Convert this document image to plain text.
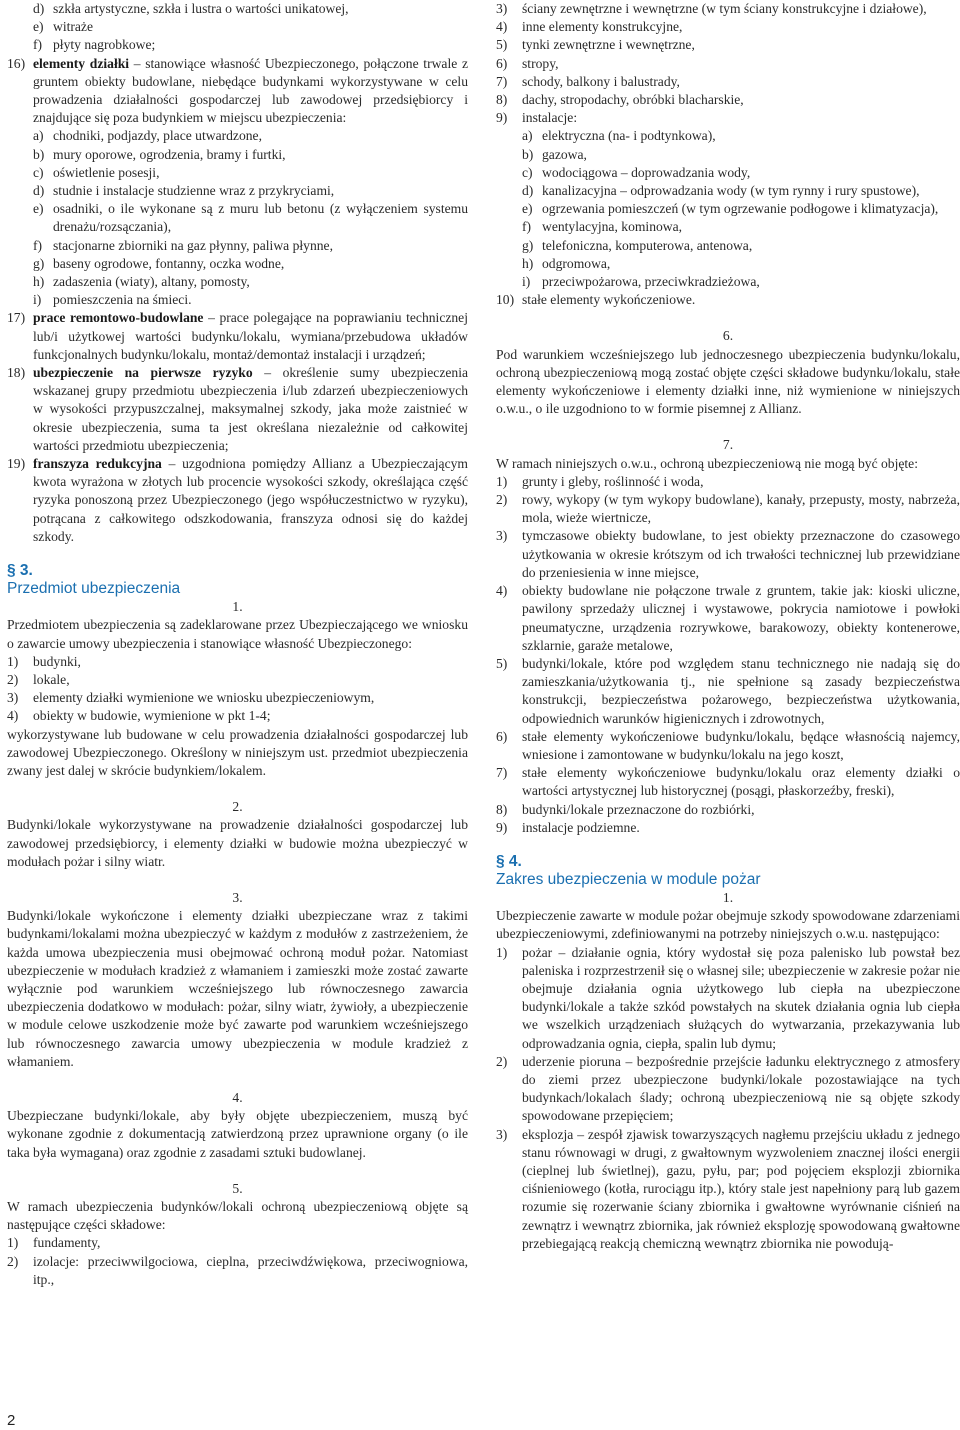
d) szkła artystyczne, szkła i lustra o wartości unikatowej,
e) witraże
f) płyty nagrobkowe;
16) elementy działki – stanowiące własność Ubezpieczonego, połączone trwale z gruntem obiekty budowlane, niebędące budynkami wykorzystywane w celu prowadzenia działalności gospodarczej lub zawodowej przedsiębiorcy i znajdujące się poza budynkiem w miejscu ubezpieczenia:
a) chodniki, podjazdy, place utwardzone,
b) mury oporowe, ogrodzenia, bramy i furtki,
c) oświetlenie posesji,
d) studnie i instalacje studzienne wraz z przykryciami,
e) osadniki, o ile wykonane są z muru lub betonu (z wyłączeniem systemu drenażu/rozsączania),
f) stacjonarne zbiorniki na gaz płynny, paliwa płynne,
g) baseny ogrodowe, fontanny, oczka wodne,
h) zadaszenia (wiaty), altany, pomosty,
i) pomieszczenia na śmieci.
17) prace remontowo-budowlane – prace polegające na poprawianiu technicznej lub/i użytkowej wartości budynku/lokalu, wymiana/przebudowa układów funkcjonalnych budynku/lokalu, montaż/demontaż instalacji i urządzeń;
18) ubezpieczenie na pierwsze ryzyko – określenie sumy ubezpieczenia wskazanej grupy przedmiotu ubezpieczenia i/lub zdarzeń ubezpieczeniowych w wysokości przypuszczalnej, maksymalnej szkody, jaka może zaistnieć w okresie ubezpieczenia, suma ta jest określana niezależnie od całkowitej wartości przedmiotu ubezpieczenia;
19) franszyza redukcyjna – uzgodniona pomiędzy Allianz a Ubezpieczającym kwota wyrażona w złotych lub procencie wysokości szkody, określająca część ryzyka ponoszoną przez Ubezpieczonego (jego współuczestnictwo w ryzyku), potrącana z całkowitego odszkodowania, franszyza odnosi się do każdej szkody.
§ 3.
Przedmiot ubezpieczenia
1.
Przedmiotem ubezpieczenia są zadeklarowane przez Ubezpieczającego we wniosku o zawarcie umowy ubezpieczenia i stanowiące własność Ubezpieczonego:
1)	budynki,
2)	lokale,
3)	elementy działki wymienione we wniosku ubezpieczeniowym,
4)	obiekty w budowie, wymienione w pkt 1-4;
wykorzystywane lub budowane w celu prowadzenia działalności gospodarczej lub zawodowej Ubezpieczonego. Określony w niniejszym ust. przedmiot ubezpieczenia zwany jest dalej w skrócie budynkiem/lokalem.
2.
Budynki/lokale wykorzystywane na prowadzenie działalności gospodarczej lub zawodowej przedsiębiorcy, i elementy działki w budowie można ubezpieczyć w modułach pożar i silny wiatr.
3.
Budynki/lokale wykończone i elementy działki ubezpieczane wraz z takimi budynkami/lokalami można ubezpieczyć w każdym z modułów z zastrzeżeniem, że każda umowa ubezpieczenia musi obejmować ochroną moduł pożar. Natomiast ubezpieczenie w modułach kradzież z włamaniem i zamieszki może zostać zawarte wyłącznie pod warunkiem wcześniejszego lub równoczesnego zawarcia ubezpieczenia dodatkowo w modułach: pożar, silny wiatr, żywioły, a ubezpieczenie w module celowe uszkodzenie może być zawarte pod warunkiem wcześniejszego lub równoczesnego zawarcia umowy ubezpieczenia w module kradzież z włamaniem.
4.
Ubezpieczane budynki/lokale, aby były objęte ubezpieczeniem, muszą być wykonane zgodnie z dokumentacją zatwierdzoną przez uprawnione organy (o ile taka była wymagana) oraz zgodnie z zasadami sztuki budowlanej.
5.
W ramach ubezpieczenia budynków/lokali ochroną ubezpieczeniową objęte są następujące części składowe:
1)	fundamenty,
2)	izolacje: przeciwwilgociowa, cieplna, przeciwdźwiękowa, przeciwogniowa, itp.,
3)	ściany zewnętrzne i wewnętrzne (w tym ściany konstrukcyjne i działowe),
4)	inne elementy konstrukcyjne,
5)	tynki zewnętrzne i wewnętrzne,
6)	stropy,
7)	schody, balkony i balustrady,
8)	dachy, stropodachy, obróbki blacharskie,
9)	instalacje:
a) elektryczna (na- i podtynkowa),
b) gazowa,
c) wodociągowa – doprowadzania wody,
d) kanalizacyjna – odprowadzania wody (w tym rynny i rury spustowe),
e) ogrzewania pomieszczeń (w tym ogrzewanie podłogowe i klimatyzacja),
f) wentylacyjna, kominowa,
g) telefoniczna, komputerowa, antenowa,
h) odgromowa,
i) przeciwpożarowa, przeciwkradzieżowa,
10) stałe elementy wykończeniowe.
6.
Pod warunkiem wcześniejszego lub jednoczesnego ubezpieczenia budynku/lokalu, ochroną ubezpieczeniową mogą zostać objęte części składowe budynku/lokalu, stałe elementy wykończeniowe i elementy działki inne, niż wymienione w niniejszych o.w.u., o ile uzgodniono to w formie pisemnej z Allianz.
7.
W ramach niniejszych o.w.u., ochroną ubezpieczeniową nie mogą być objęte:
1)	grunty i gleby, roślinność i woda,
2)	rowy, wykopy (w tym wykopy budowlane), kanały, przepusty, mosty, nabrzeża, mola, wieże wiertnicze,
3)	tymczasowe obiekty budowlane, to jest obiekty przeznaczone do czasowego użytkowania w okresie krótszym od ich trwałości technicznej lub przewidziane do przeniesienia w inne miejsce,
4)	obiekty budowlane nie połączone trwale z gruntem, takie jak: kioski uliczne, pawilony sprzedaży ulicznej i wystawowe, pokrycia namiotowe i powłoki pneumatyczne, urządzenia rozrywkowe, barakowozy, obiekty kontenerowe, szklarnie, garaże metalowe,
5)	budynki/lokale, które pod względem stanu technicznego nie nadają się do zamieszkania/użytkowania tj., nie spełnione są zasady bezpieczeństwa konstrukcji, bezpieczeństwa pożarowego, bezpieczeństwa użytkowania, odpowiednich warunków higienicznych i zdrowotnych,
6)	stałe elementy wykończeniowe budynku/lokalu, będące własnością najemcy, wniesione i zamontowane w budynku/lokalu na jego koszt,
7)	stałe elementy wykończeniowe budynku/lokalu oraz elementy działki o wartości artystycznej lub historycznej (posągi, płaskorzeźby, freski),
8)	budynki/lokale przeznaczone do rozbiórki,
9)	instalacje podziemne.
§ 4.
Zakres ubezpieczenia w module pożar
1.
Ubezpieczenie zawarte w module pożar obejmuje szkody spowodowane zdarzeniami ubezpieczeniowymi, zdefiniowanymi na potrzeby niniejszych o.w.u. następująco:
1)	pożar – działanie ognia, który wydostał się poza palenisko lub powstał bez paleniska i rozprzestrzenił się o własnej sile; ubezpieczenie w zakresie pożar nie obejmuje działania ognia użytkowego lub ciepła na ubezpieczone budynki/lokale a także szkód powstałych na skutek działania ognia lub ciepła we wszelkich urządzeniach służących do wytwarzania, przekazywania lub odprowadzania ognia, ciepła, spalin lub dymu;
2)	uderzenie pioruna – bezpośrednie przejście ładunku elektrycznego z atmosfery do ziemi przez ubezpieczone budynki/lokale pozostawiające na tych budynkach/lokalach ślady; ochroną ubezpieczeniową nie są objęte szkody spowodowane przepięciem;
3)	eksplozja – zespół zjawisk towarzyszących nagłemu przejściu układu z jednego stanu równowagi w drugi, z gwałtownym wyzwoleniem znacznej ilości energii (cieplnej lub świetlnej), gazu, pyłu, par; pod pojęciem eksplozji zbiornika ciśnieniowego (kotła, rurociągu itp.), który stale jest napełniony parą lub gazem rozumie się rozerwanie ściany zbiornika i gwałtowne wyrównanie ciśnień na zewnątrz i wewnątrz zbiornika, jak również eksplozję spowodowaną gwałtowne przebiegającą reakcją chemiczną wewnątrz zbiornika nie powodują-
2
